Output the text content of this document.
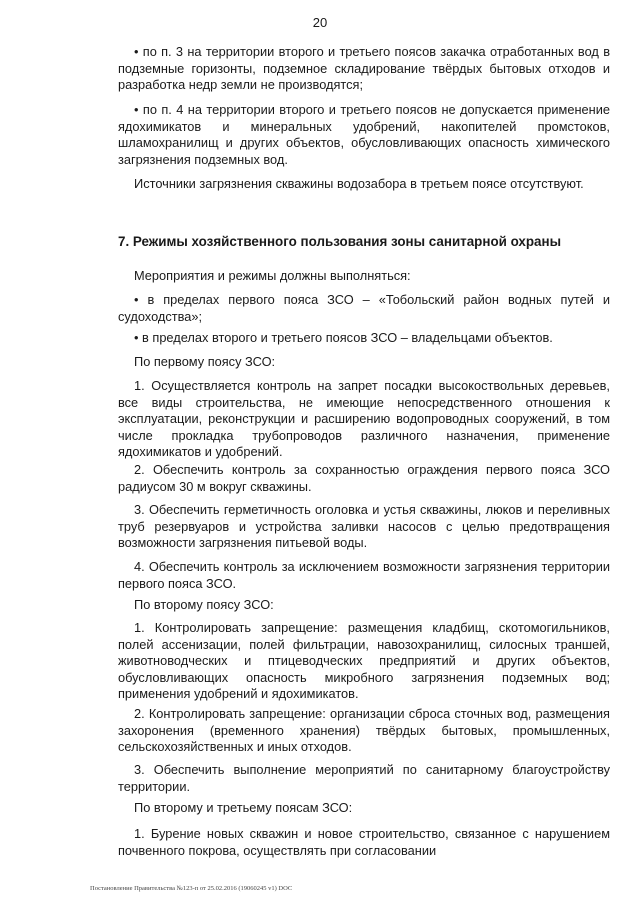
20
• по п. 3 на территории второго и третьего поясов закачка отработанных вод в подземные горизонты, подземное складирование твёрдых бытовых отходов и разработка недр земли не производятся;
• по п. 4 на территории второго и третьего поясов не допускается применение ядохимикатов и минеральных удобрений, накопителей промстоков, шламохранилищ и других объектов, обусловливающих опасность химического загрязнения подземных вод.
Источники загрязнения скважины водозабора в третьем поясе отсутствуют.
7. Режимы хозяйственного пользования зоны санитарной охраны
Мероприятия и режимы должны выполняться:
• в пределах первого пояса ЗСО – «Тобольский район водных путей и судоходства»;
• в пределах второго и третьего поясов ЗСО – владельцами объектов.
По первому поясу ЗСО:
1. Осуществляется контроль на запрет посадки высокоствольных деревьев, все виды строительства, не имеющие непосредственного отношения к эксплуатации, реконструкции и расширению водопроводных сооружений, в том числе прокладка трубопроводов различного назначения, применение ядохимикатов и удобрений.
2. Обеспечить контроль за сохранностью ограждения первого пояса ЗСО радиусом 30 м вокруг скважины.
3. Обеспечить герметичность оголовка и устья скважины, люков и переливных труб резервуаров и устройства заливки насосов с целью предотвращения возможности загрязнения питьевой воды.
4. Обеспечить контроль за исключением возможности загрязнения территории первого пояса ЗСО.
По второму поясу ЗСО:
1. Контролировать запрещение: размещения кладбищ, скотомогильников, полей ассенизации, полей фильтрации, навозохранилищ, силосных траншей, животноводческих и птицеводческих предприятий и других объектов, обусловливающих опасность микробного загрязнения подземных вод; применения удобрений и ядохимикатов.
2. Контролировать запрещение: организации сброса сточных вод, размещения захоронения (временного хранения) твёрдых бытовых, промышленных, сельскохозяйственных и иных отходов.
3. Обеспечить выполнение мероприятий по санитарному благоустройству территории.
По второму и третьему поясам ЗСО:
1. Бурение новых скважин и новое строительство, связанное с нарушением почвенного покрова, осуществлять при согласовании
Постановление Правительства №123-п от 25.02.2016 (19060245 v1) DOC
